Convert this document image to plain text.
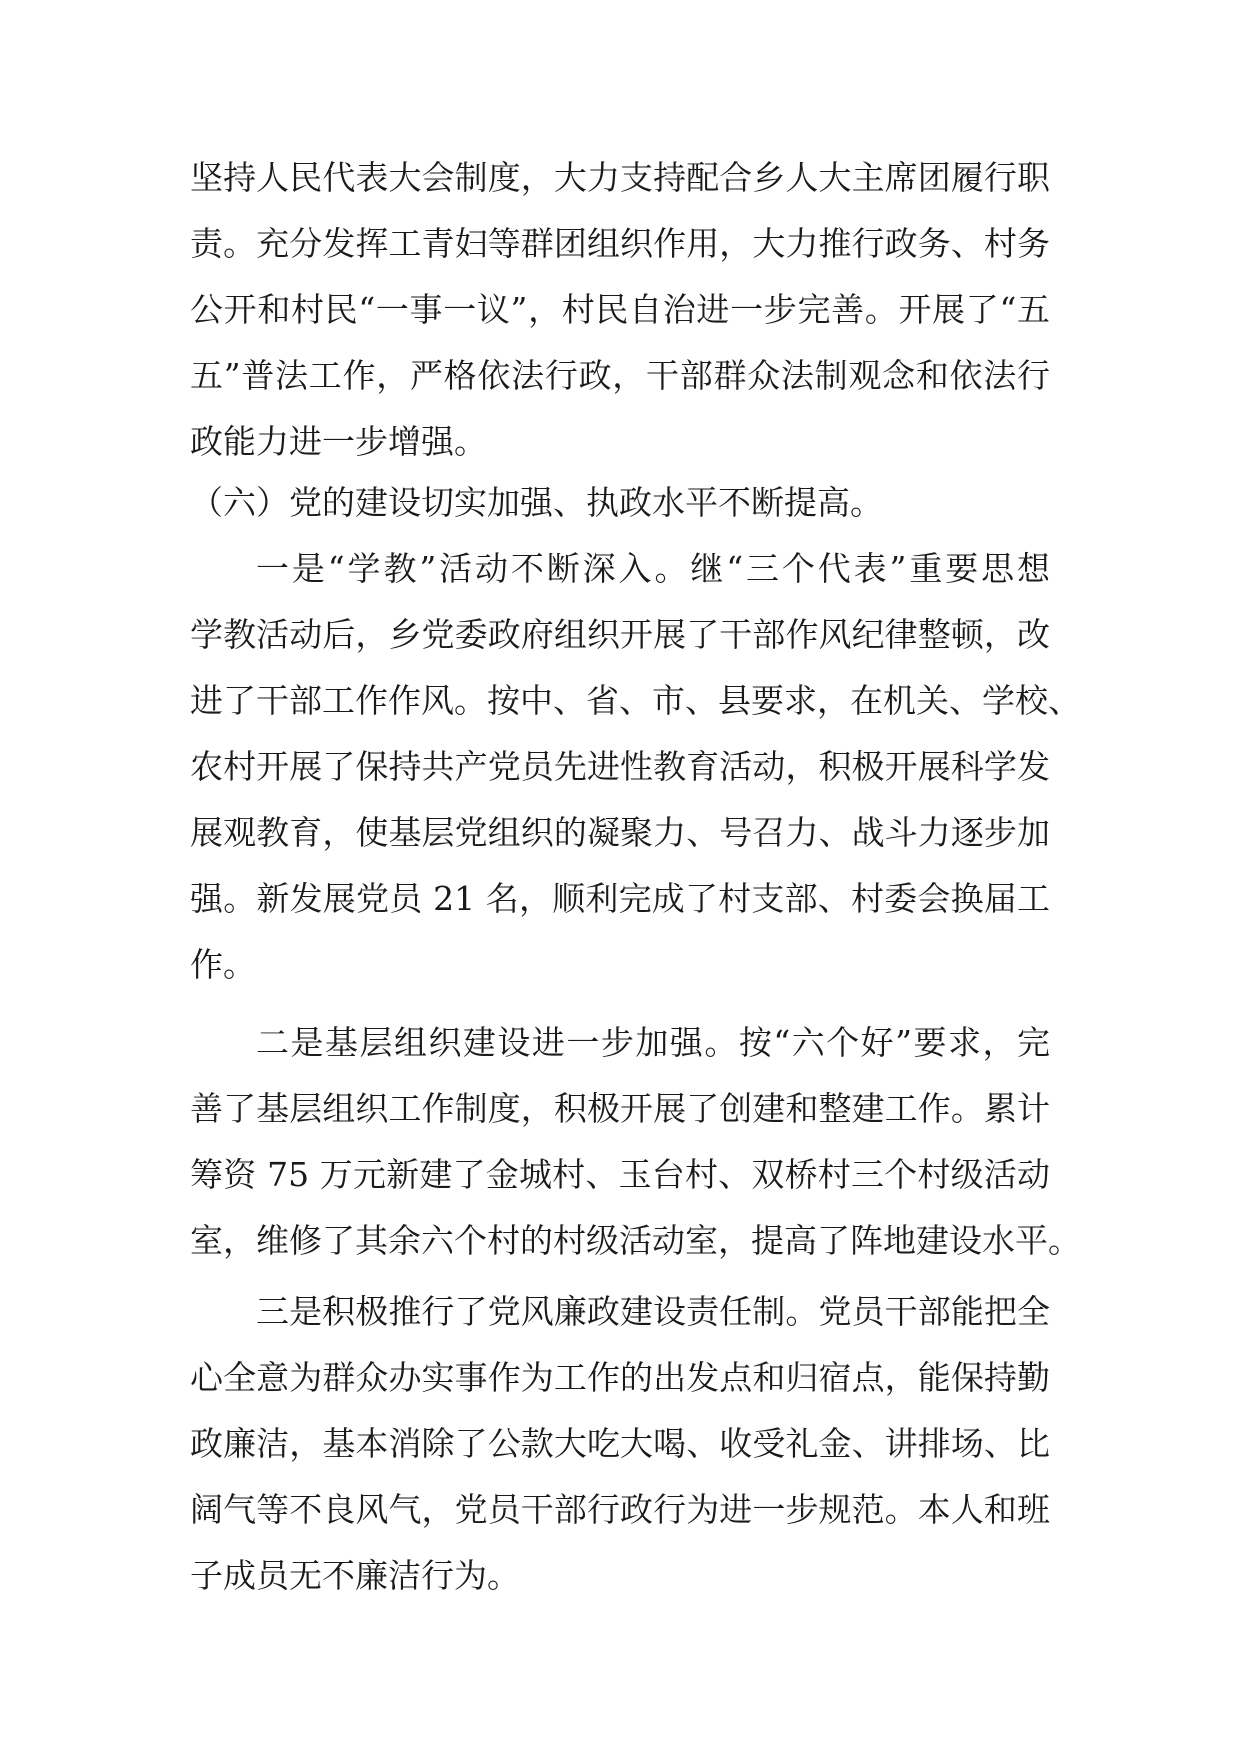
坚持人民代表大会制度，大力支持配合乡人大主席团履行职
责。充分发挥工青妇等群团组织作用，大力推行政务、村务
公开和村民“一事一议”，村民自治进一步完善。开展了“五
五”普法工作，严格依法行政，干部群众法制观念和依法行
政能力进一步增强。
（六）党的建设切实加强、执政水平不断提高。
一是“学教”活动不断深入。继“三个代表”重要思想
学教活动后，乡党委政府组织开展了干部作风纪律整顿，改
进了干部工作作风。按中、省、市、县要求，在机关、学校、
农村开展了保持共产党员先进性教育活动，积极开展科学发
展观教育，使基层党组织的凝聚力、号召力、战斗力逐步加
强。新发展党员 21 名，顺利完成了村支部、村委会换届工
作。
二是基层组织建设进一步加强。按“六个好”要求，完
善了基层组织工作制度，积极开展了创建和整建工作。累计
筹资 75 万元新建了金城村、玉台村、双桥村三个村级活动
室，维修了其余六个村的村级活动室，提高了阵地建设水平。
三是积极推行了党风廉政建设责任制。党员干部能把全
心全意为群众办实事作为工作的出发点和归宿点，能保持勤
政廉洁，基本消除了公款大吃大喝、收受礼金、讲排场、比
阔气等不良风气，党员干部行政行为进一步规范。本人和班
子成员无不廉洁行为。
